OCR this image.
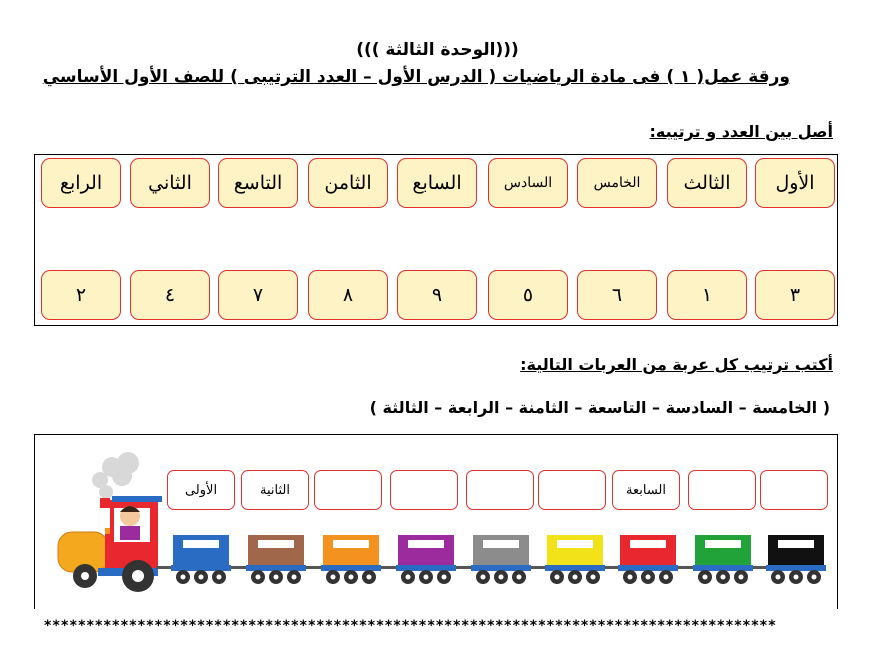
((( الوحدة الثالثة)))
ورقة عمل( ١ ) فى مادة الرياضيات ( الدرس الأول – العدد الترتيبى ) للصف الأول الأساسي
أصل بين العدد و ترتيبه:
الأول
الثالث
الخامس
السادس
السابع
الثامن
التاسع
الثاني
الرابع
٣
١
٦
٥
٩
٨
٧
٤
٢
أكتب ترتيب كل عربة من العربات التالية:
( الخامسة – السادسة – التاسعة – الثامنة – الرابعة – الثالثة )
السابعة
الثانية
الأولى
**************************************************************************************
